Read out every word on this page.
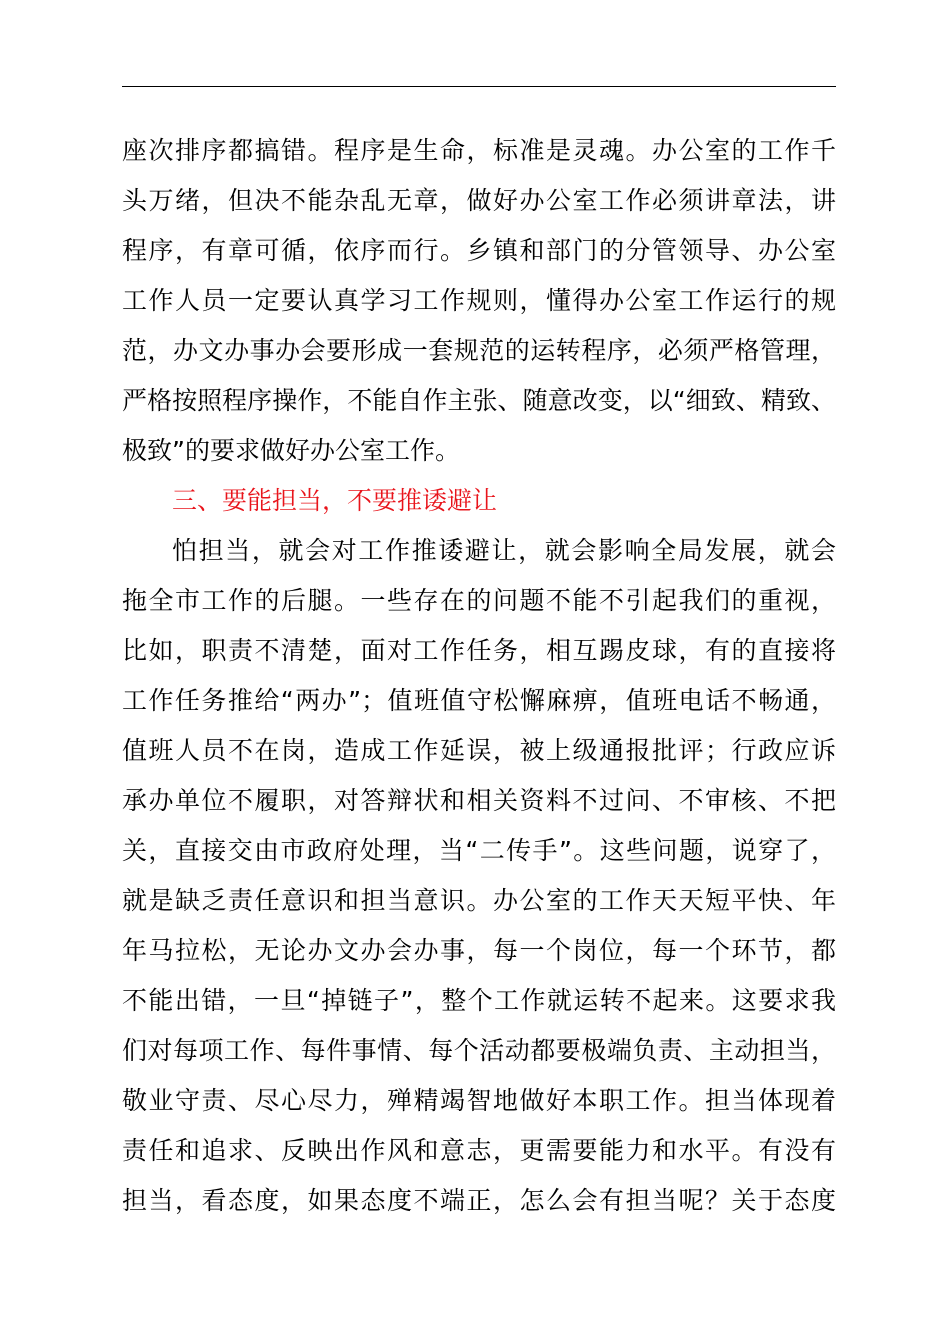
座次排序都搞错。程序是生命，标准是灵魂。办公室的工作千
头万绪，但决不能杂乱无章，做好办公室工作必须讲章法，讲
程序，有章可循，依序而行。乡镇和部门的分管领导、办公室
工作人员一定要认真学习工作规则，懂得办公室工作运行的规
范，办文办事办会要形成一套规范的运转程序，必须严格管理，
严格按照程序操作，不能自作主张、随意改变，以“细致、精致、
极致”的要求做好办公室工作。
三、要能担当，不要推诿避让
怕担当，就会对工作推诿避让，就会影响全局发展，就会
拖全市工作的后腿。一些存在的问题不能不引起我们的重视，
比如，职责不清楚，面对工作任务，相互踢皮球，有的直接将
工作任务推给“两办”；值班值守松懈麻痹，值班电话不畅通，
值班人员不在岗，造成工作延误，被上级通报批评；行政应诉
承办单位不履职，对答辩状和相关资料不过问、不审核、不把
关，直接交由市政府处理，当“二传手”。这些问题，说穿了，
就是缺乏责任意识和担当意识。办公室的工作天天短平快、年
年马拉松，无论办文办会办事，每一个岗位，每一个环节，都
不能出错，一旦“掉链子”，整个工作就运转不起来。这要求我
们对每项工作、每件事情、每个活动都要极端负责、主动担当，
敬业守责、尽心尽力，殚精竭智地做好本职工作。担当体现着
责任和追求、反映出作风和意志，更需要能力和水平。有没有
担当，看态度，如果态度不端正，怎么会有担当呢？关于态度
